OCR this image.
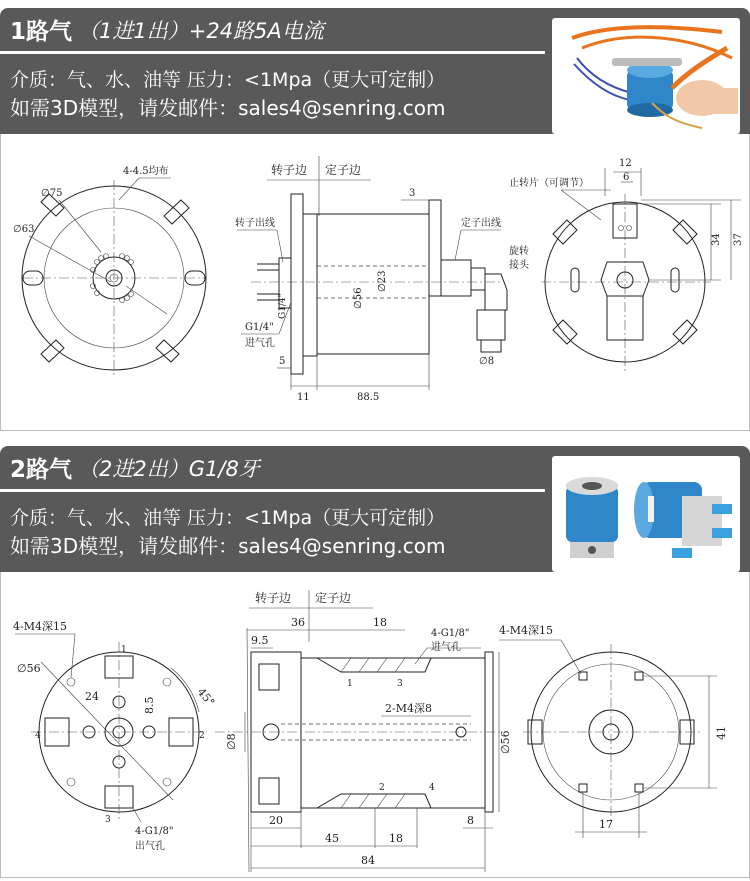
1路气 （1进1出）+24路5A电流
介质：气、水、油等 压力：<1Mpa（更大可定制）
如需3D模型，请发邮件：sales4@senring.com
∅75
∅63
4-4.5均布	转子边 定子边
转子出线
G1/4"
G1/4"
进气孔
定子出线
旋转
接头
∅56
∅23
∅8
3
5
11	88.5
12
6
止转片（可调节）
34 37
2路气 （2进2出）G1/8牙
介质：气、水、油等 压力：<1Mpa（更大可定制）
如需3D模型，请发邮件：sales4@senring.com
4-M4深15
∅56
24	8.5	45°
1
2
3
4
4-G1/8"
出气孔
转子边 定子边
36	18
9.5
1	3
2	4
4-G1/8"
进气孔
2-M4深8
∅8	∅56
20
45	18
8
84
4-M4深15
41
17
